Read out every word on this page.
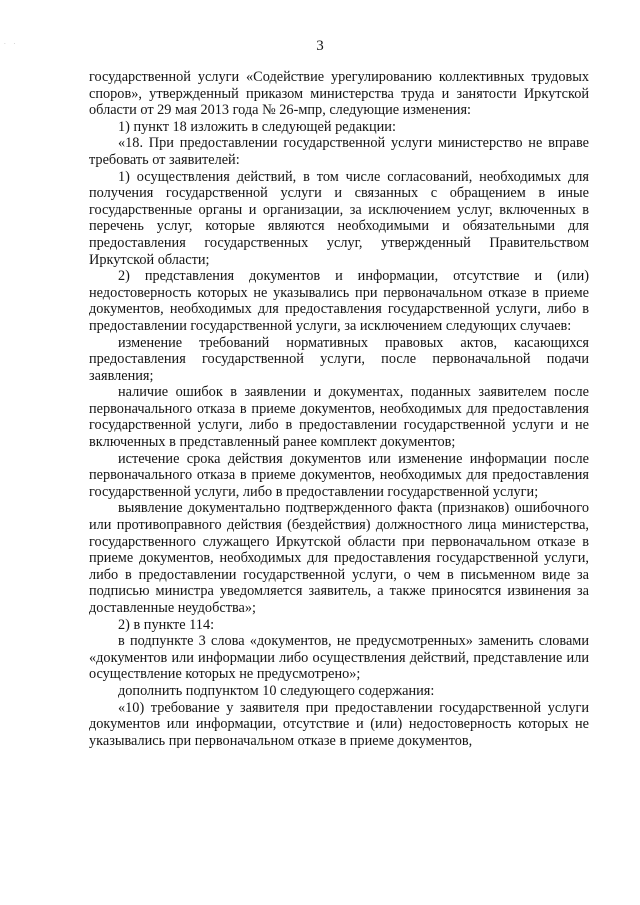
. .	3

государственной услуги «Содействие урегулированию коллективных трудовых споров», утвержденный приказом министерства труда и занятости Иркутской области от 29 мая 2013 года № 26-мпр, следующие изменения:

1) пункт 18 изложить в следующей редакции:

«18. При предоставлении государственной услуги министерство не вправе требовать от заявителей:

1) осуществления действий, в том числе согласований, необходимых для получения государственной услуги и связанных с обращением в иные государственные органы и организации, за исключением услуг, включенных в перечень услуг, которые являются необходимыми и обязательными для предоставления государственных услуг, утвержденный Правительством Иркутской области;

2) представления документов и информации, отсутствие и (или) недостоверность которых не указывались при первоначальном отказе в приеме документов, необходимых для предоставления государственной услуги, либо в предоставлении государственной услуги, за исключением следующих случаев:

изменение требований нормативных правовых актов, касающихся предоставления государственной услуги, после первоначальной подачи заявления;

наличие ошибок в заявлении и документах, поданных заявителем после первоначального отказа в приеме документов, необходимых для предоставления государственной услуги, либо в предоставлении государственной услуги и не включенных в представленный ранее комплект документов;

истечение срока действия документов или изменение информации после первоначального отказа в приеме документов, необходимых для предоставления государственной услуги, либо в предоставлении государственной услуги;

выявление документально подтвержденного факта (признаков) ошибочного или противоправного действия (бездействия) должностного лица министерства, государственного служащего Иркутской области при первоначальном отказе в приеме документов, необходимых для предоставления государственной услуги, либо в предоставлении государственной услуги, о чем в письменном виде за подписью министра уведомляется заявитель, а также приносятся извинения за доставленные неудобства»;

2) в пункте 114:

в подпункте 3 слова «документов, не предусмотренных» заменить словами «документов или информации либо осуществления действий, представление или осуществление которых не предусмотрено»;

дополнить подпунктом 10 следующего содержания:

«10) требование у заявителя при предоставлении государственной услуги документов или информации, отсутствие и (или) недостоверность которых не указывались при первоначальном отказе в приеме документов,
